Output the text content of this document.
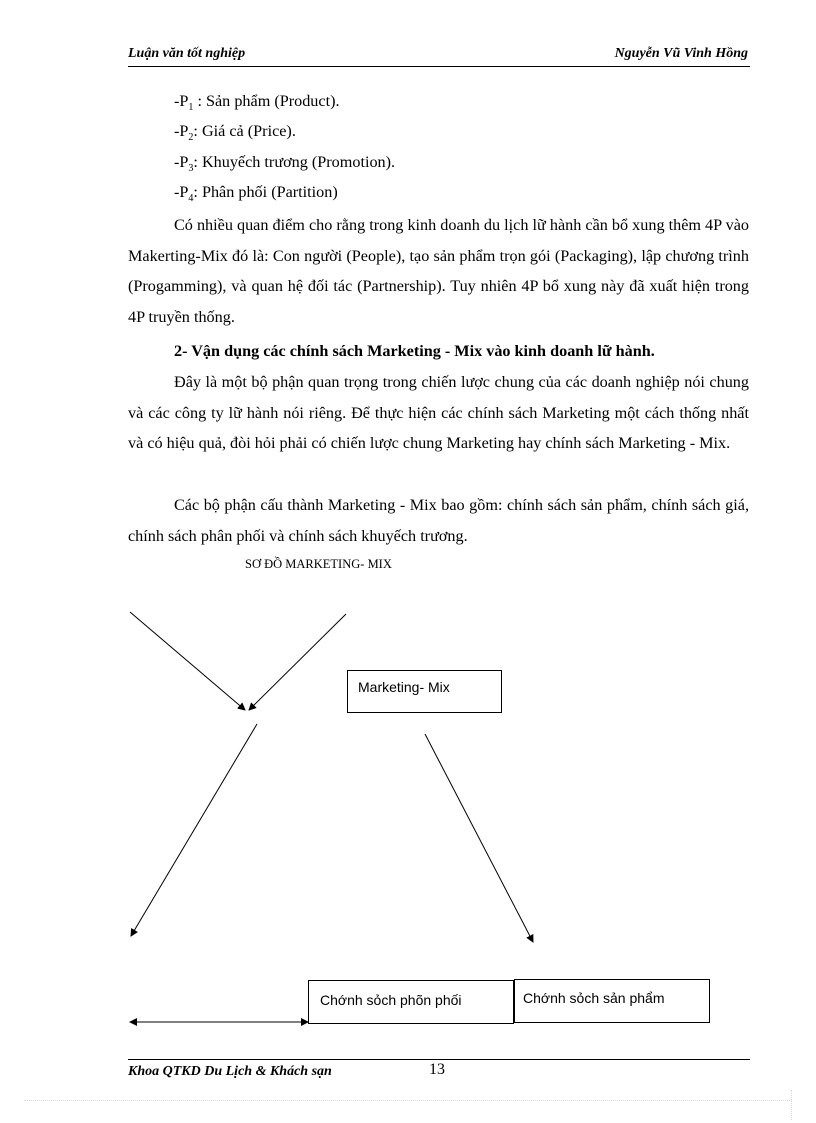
Luận văn tốt nghiệp	Nguyễn Vũ Vinh Hồng
$-P_1$ : Sản phẩm (Product).
$-P_2$: Giá cả (Price).
$-P_3$: Khuyếch trương (Promotion).
$-P_4$: Phân phối (Partition)

Có nhiều quan điểm cho rằng trong kinh doanh du lịch lữ hành cần bổ xung thêm 4P vào Makerting-Mix đó là: Con người (People), tạo sản phẩm trọn gói (Packaging), lập chương trình (Progamming), và quan hệ đối tác (Partnership). Tuy nhiên 4P bổ xung này đã xuất hiện trong 4P truyền thống.

2- Vận dụng các chính sách Marketing - Mix vào kinh doanh lữ hành.

Đây là một bộ phận quan trọng trong chiến lược chung của các doanh nghiệp nói chung và các công ty lữ hành nói riêng. Để thực hiện các chính sách Marketing một cách thống nhất và có hiệu quả, đòi hỏi phải có chiến lược chung Marketing hay chính sách Marketing - Mix.

Các bộ phận cấu thành Marketing - Mix bao gồm: chính sách sản phẩm, chính sách giá, chính sách phân phối và chính sách khuyếch trương.

SƠ ĐỒ MARKETING- MIX
Marketing- Mix
Chớnh sỏch phõn phối	Chớnh sỏch sản phẩm
Khoa QTKD Du Lịch & Khách sạn	13
